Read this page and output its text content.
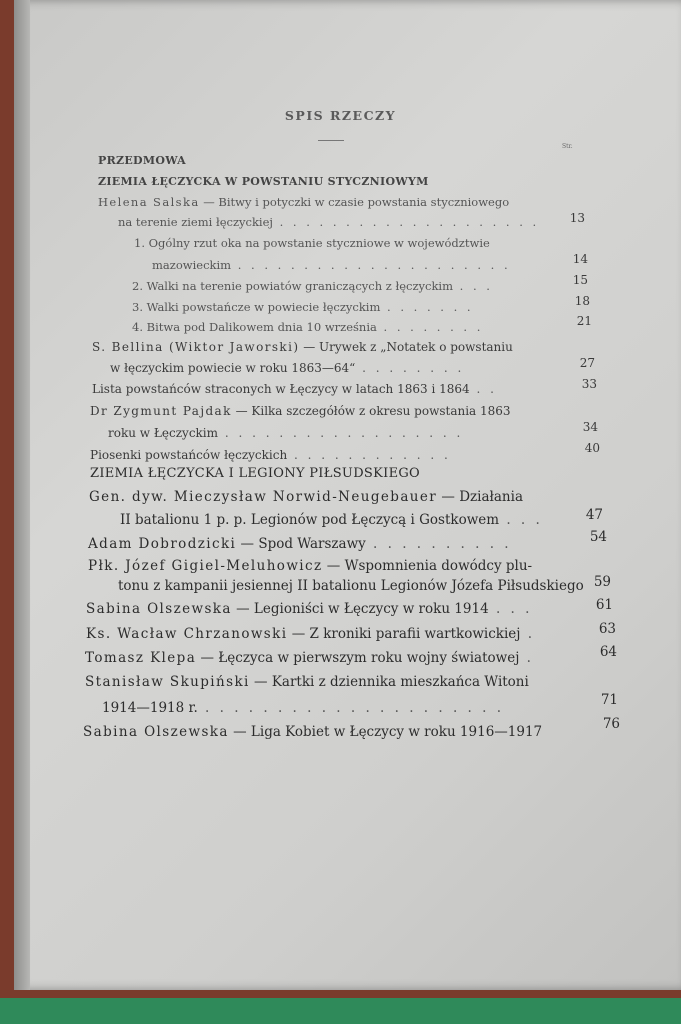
SPIS RZECZY
Str.
PRZEDMOWA
ZIEMIA ŁĘCZYCKA W POWSTANIU STYCZNIOWYM
Helena Salska — Bitwy i potyczki w czasie powstania styczniowego
na terenie ziemi łęczyckiej . . . . . . . . . . . . . . . . . . . .	13
1. Ogólny rzut oka na powstanie styczniowe w województwie
mazowieckim . . . . . . . . . . . . . . . . . . . . .	14
2. Walki na terenie powiatów graniczących z łęczyckim . . .	15
3. Walki powstańcze w powiecie łęczyckim . . . . . . .	18
4. Bitwa pod Dalikowem dnia 10 września . . . . . . . .	21
S. Bellina (Wiktor Jaworski) — Urywek z „Notatek o powstaniu
w łęczyckim powiecie w roku 1863—64“ . . . . . . . .	27
Lista powstańców straconych w Łęczycy w latach 1863 i 1864 . .	33
Dr Zygmunt Pajdak — Kilka szczegółów z okresu powstania 1863
roku w Łęczyckim . . . . . . . . . . . . . . . . . .	34
Piosenki powstańców łęczyckich . . . . . . . . . . . .	40
ZIEMIA ŁĘCZYCKA I LEGIONY PIŁSUDSKIEGO
Gen. dyw. Mieczysław Norwid-Neugebauer — Działania
II batalionu 1 p. p. Legionów pod Łęczycą i Gostkowem . . .	47
Adam Dobrodzicki — Spod Warszawy . . . . . . . . . .	54
Płk. Józef Gigiel-Meluhowicz — Wspomnienia dowódcy plu-
tonu z kampanii jesiennej II batalionu Legionów Józefa Piłsudskiego 59
Sabina Olszewska — Legioniści w Łęczycy w roku 1914 . . .	61
Ks. Wacław Chrzanowski — Z kroniki parafii wartkowickiej .	63
Tomasz Klepa — Łęczyca w pierwszym roku wojny światowej .	64
Stanisław Skupiński — Kartki z dziennika mieszkańca Witoni
1914—1918 r. . . . . . . . . . . . . . . . . . . . . .	71
Sabina Olszewska — Liga Kobiet w Łęczycy w roku 1916—1917	76
